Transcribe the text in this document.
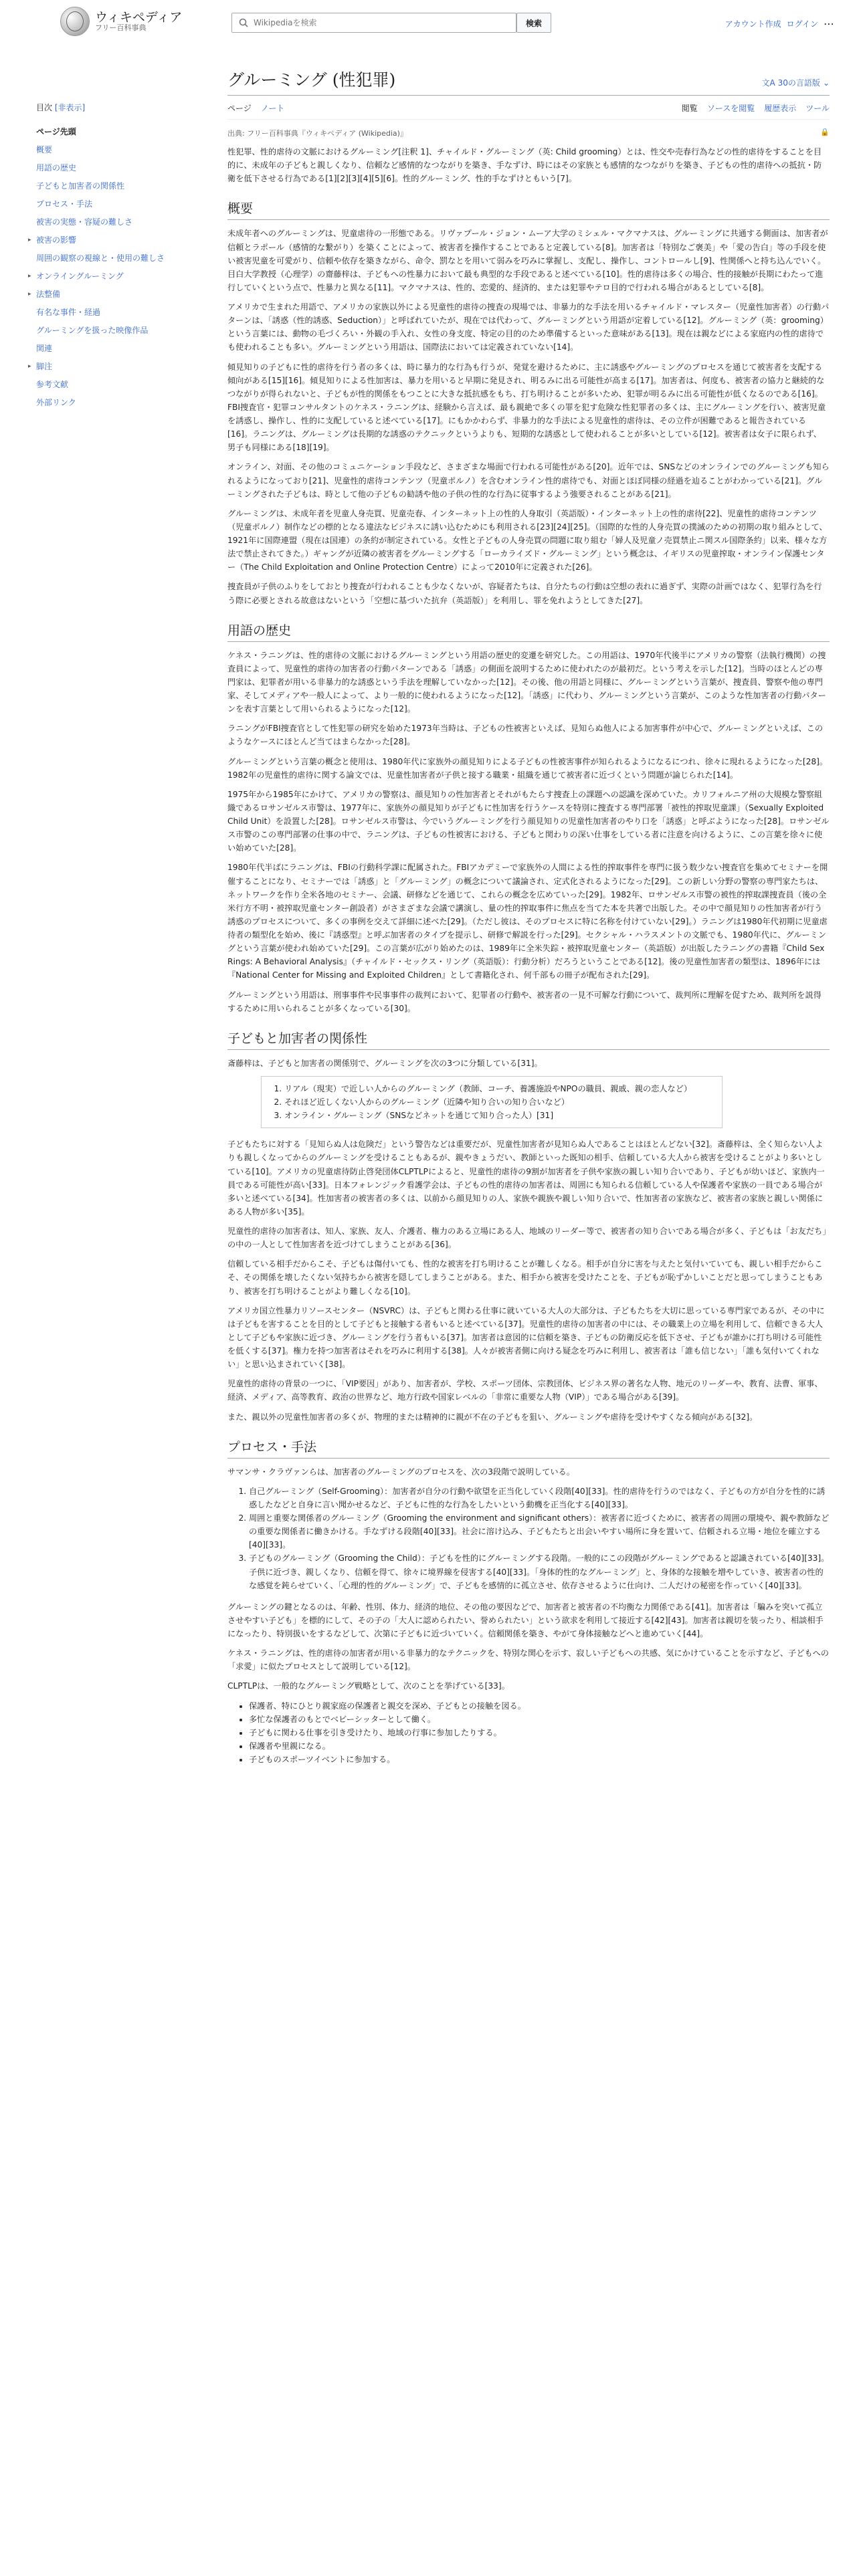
ウィキペディア
フリー百科事典
Wikipediaを検索
検索	アカウント作成 ログイン ⋯
目次 [非表示]
ページ先頭
概要
用語の歴史
子どもと加害者の関係性
プロセス・手法
被害の実態・容疑の難しさ
▸ 被害の影響
周囲の観察の視線と・使用の難しさ
▸ オンライングルーミング
▸ 法整備
有名な事件・経過
グルーミングを扱った映像作品
関連
▸ 脚注
参考文献
外部リンク
グルーミング (性犯罪)	文A 30の言語版 ⌄
ページ ノート	閲覧 ソースを閲覧 履歴表示 ツール
出典: フリー百科事典『ウィキペディア (Wikipedia)』	🔒

性犯罪、性的虐待の文脈におけるグルーミング[注釈 1]、チャイルド・グルーミング（英: Child grooming）とは、性交や売春行為などの性的虐待をすることを目的に、未成年の子どもと親しくなり、信頼など感情的なつながりを築き、手なずけ、時にはその家族とも感情的なつながりを築き、子どもの性的虐待への抵抗・防衛を低下させる行為である[1][2][3][4][5][6]。性的グルーミング、性的手なずけともいう[7]。

概要

未成年者へのグルーミングは、児童虐待の一形態である。リヴァプール・ジョン・ムーア大学のミシェル・マクマナスは、グルーミングに共通する側面は、加害者が信頼とラポール（感情的な繋がり）を築くことによって、被害者を操作することであると定義している[8]。加害者は「特別なご褒美」や「愛の告白」等の手段を使い被害児童を可愛がり、信頼や依存を築きながら、命令、罰なとを用いて弱みを巧みに掌握し、支配し、操作し、コントロールし[9]、性関係へと持ち込んでいく。目白大学教授（心理学）の齋藤梓は、子どもへの性暴力において最も典型的な手段であると述べている[10]。性的虐待は多くの場合、性的接触が長期にわたって進行していくという点で、性暴力と異なる[11]。マクマナスは、性的、恋愛的、経済的、または犯罪やテロ目的で行われる場合があるとしている[8]。

アメリカで生まれた用語で、アメリカの家族以外による児童性的虐待の捜査の現場では、非暴力的な手法を用いるチャイルド・マレスター（児童性加害者）の行動パターンは、「誘惑（性的誘惑、Seduction）」と呼ばれていたが、現在では代わって、グルーミングという用語が定着している[12]。グルーミング（英：grooming）という言葉には、動物の毛づくろい・外観の手入れ、女性の身支度、特定の目的のため準備するといった意味がある[13]。現在は親などによる家庭内の性的虐待でも使われることも多い。グルーミングという用語は、国際法においては定義されていない[14]。

傾見知りの子どもに性的虐待を行う者の多くは、時に暴力的な行為も行うが、発覚を避けるために、主に誘惑やグルーミングのプロセスを通じて被害者を支配する傾向がある[15][16]。傾見知りによる性加害は、暴力を用いると早期に発見され、明るみに出る可能性が高まる[17]。加害者は、何度も、被害者の協力と継続的なつながりが得られないと、子どもが性的関係をもつことに大きな抵抗感をもち、打ち明けることが多いため、犯罪が明るみに出る可能性が低くなるのである[16]。FBI捜査官・犯罪コンサルタントのケネス・ラニングは、経験から言えば、最も親絶で多くの罪を犯す危険な性犯罪者の多くは、主にグルーミングを行い、被害児童を誘惑し、操作し、性的に支配していると述べている[17]。にもかかわらず、非暴力的な手法による児童性的虐待は、その立件が困難であると報告されている[16]。ラニングは、グルーミングは長期的な誘惑のテクニックというよりも、短期的な誘惑として使われることが多いとしている[12]。被害者は女子に限られず、男子も同様にある[18][19]。

オンライン、対面、その他のコミュニケーション手段など、さまざまな場面で行われる可能性がある[20]。近年では、SNSなどのオンラインでのグルーミングも知られるようになっており[21]、児童性的虐待コンテンツ（児童ポルノ）を含むオンライン性的虐待でも、対面とほぼ同様の経過を辿ることがわかっている[21]。グルーミングされた子どもは、時として他の子どもの勧誘や他の子供の性的な行為に従事するよう強要されることがある[21]。

グルーミングは、未成年者を児童人身売買、児童売春、インターネット上の性的人身取引（英語版）・インターネット上の性的虐待[22]、児童性的虐待コンテンツ（児童ポルノ）制作などの標的となる違法なビジネスに誘い込むためにも利用される[23][24][25]。（国際的な性的人身売買の撲滅のための初期の取り組みとして、1921年に国際連盟（現在は国連）の条約が制定されている。女性と子どもの人身売買の問題に取り組む「婦人及児童ノ売買禁止ニ関スル国際条約」以来、様々な方法で禁止されてきた。）ギャングが近隣の被害者をグルーミングする「ローカライズド・グルーミング」という概念は、イギリスの児童搾取・オンライン保護センター（The Child Exploitation and Online Protection Centre）によって2010年に定義された[26]。

捜査員が子供のふりをしておとり捜査が行われることも少なくないが、容疑者たちは、自分たちの行動は空想の表れに過ぎず、実際の計画ではなく、犯罪行為を行う際に必要とされる故意はないという「空想に基づいた抗弁（英語版）」を利用し、罪を免れようとしてきた[27]。

用語の歴史

ケネス・ラニングは、性的虐待の文脈におけるグルーミングという用語の歴史的変遷を研究した。この用語は、1970年代後半にアメリカの警察（法執行機関）の捜査員によって、児童性的虐待の加害者の行動パターンである「誘惑」の側面を説明するために使われたのが最初だ。という考えを示した[12]。当時のほとんどの専門家は、犯罪者が用いる非暴力的な誘惑という手法を理解していなかった[12]。その後、他の用語と同様に、グルーミングという言葉が、捜査員、警察や他の専門家、そしてメディアや一般人によって、より一般的に使われるようになった[12]。「誘惑」に代わり、グルーミングという言葉が、このような性加害者の行動パターンを表す言葉として用いられるようになった[12]。

ラニングがFBI捜査官として性犯罪の研究を始めた1973年当時は、子どもの性被害といえば、見知らぬ他人による加害事件が中心で、グルーミングといえば、このようなケースにほとんど当てはまらなかった[28]。

グルーミングという言葉の概念と使用は、1980年代に家族外の顔見知りによる子どもの性被害事件が知られるようになるにつれ、徐々に現れるようになった[28]。1982年の児童性的虐待に関する論文では、児童性加害者が子供と接する職業・組織を通じて被害者に近づくという問題が論じられた[14]。

1975年から1985年にかけて、アメリカの警察は、顔見知りの性加害者とそれがもたらす捜査上の課題への認識を深めていた。カリフォルニア州の大規模な警察組織であるロサンゼルス市警は、1977年に、家族外の顔見知りが子どもに性加害を行うケースを特別に捜査する専門部署「被性的搾取児童課」（Sexually Exploited Child Unit）を設置した[28]。ロサンゼルス市警は、今でいうグルーミングを行う顔見知りの児童性加害者のやり口を「誘惑」と呼ぶようになった[28]。ロサンゼルス市警のこの専門部署の仕事の中で、ラニングは、子どもの性被害における、子どもと関わりの深い仕事をしている者に注意を向けるように、この言葉を徐々に使い始めていた[28]。

1980年代半ばにラニングは、FBIの行動科学課に配属された。FBIアカデミーで家族外の人間による性的搾取事件を専門に扱う数少ない捜査官を集めてセミナーを開催することになり、セミナーでは「誘惑」と「グルーミング」の概念について議論され、定式化されるようになった[29]。この新しい分野の警察の専門家たちは、ネットワークを作り全米各地のセミナー、会議、研修などを通じて、これらの概念を広めていった[29]。1982年、ロサンゼルス市警の被性的搾取課捜査員（後の全米行方不明・被搾取児童センター創設者）がさまざまな会議で講演し、量の性的搾取事件に焦点を当てた本を共著で出版した。その中で顔見知りの性加害者が行う誘惑のプロセスについて、多くの事例を交えて詳細に述べた[29]。（ただし彼は、そのプロセスに特に名称を付けていない[29]。）ラニングは1980年代初期に児童虐待者の類型化を始め、後に『誘惑型』と呼ぶ加害者のタイプを提示し、研修で解説を行った[29]。セクシャル・ハラスメントの文脈でも、1980年代に、グルーミングという言葉が使われ始めていた[29]。この言葉が広がり始めたのは、1989年に全米失踪・被搾取児童センター（英語版）が出版したラニングの書籍『Child Sex Rings: A Behavioral Analysis』（チャイルド・セックス・リング（英語版）：行動分析）だろうということである[12]。後の児童性加害者の類型は、1896年には『National Center for Missing and Exploited Children』として書籍化され、何千部もの冊子が配布された[29]。

グルーミングという用語は、刑事事件や民事事件の裁判において、犯罪者の行動や、被害者の一見不可解な行動について、裁判所に理解を促すため、裁判所を説得するために用いられることが多くなっている[30]。

子どもと加害者の関係性

斎藤梓は、子どもと加害者の関係別で、グルーミングを次の3つに分類している[31]。

1. リアル（現実）で近しい人からのグルーミング（教師、コーチ、養護施設やNPOの職員、親戚、親の恋人など）
2. それほど近しくない人からのグルーミング（近隣や知り合いの知り合いなど）
3. オンライン・グルーミング（SNSなどネットを通じて知り合った人）[31]

子どもたちに対する「見知らぬ人は危険だ」という警告などは重要だが、児童性加害者が見知らぬ人であることはほとんどない[32]。斎藤梓は、全く知らない人よりも親しくなってからのグルーミングを受けることもあるが、親やきょうだい、教師といった既知の相手、信頼している大人から被害を受けることがより多いとしている[10]。アメリカの児童虐待防止啓発団体CLPTLPによると、児童性的虐待の9割が加害者を子供や家族の親しい知り合いであり、子どもが幼いほど、家族内一員である可能性が高い[33]。日本フォレンジック看護学会は、子どもの性的虐待の加害者は、周囲にも知られる信頼している人や保護者や家族の一員である場合が多いと述べている[34]。性加害者の被害者の多くは、以前から顔見知りの人、家族や親族や親しい知り合いで、性加害者の家族など、被害者の家族と親しい関係にある人物が多い[35]。

児童性的虐待の加害者は、知人、家族、友人、介護者、権力のある立場にある人、地域のリーダー等で、被害者の知り合いである場合が多く、子どもは「お友だち」の中の一人として性加害者を近づけてしまうことがある[36]。

信頼している相手だからこそ、子どもは傷付いても、性的な被害を打ち明けることが難しくなる。相手が自分に害を与えたと気付いていても、親しい相手だからこそ、その関係を壊したくない気持ちから被害を隠してしまうことがある。また、相手から被害を受けたことを、子どもが恥ずかしいことだと思ってしまうこともあり、被害を打ち明けることがより難しくなる[10]。

アメリカ国立性暴力リソースセンター（NSVRC）は、子どもと関わる仕事に就いている大人の大部分は、子どもたちを大切に思っている専門家であるが、その中には子どもを害することを目的として子どもと接触する者もいると述べている[37]。児童性的虐待の加害者の中には、その職業上の立場を利用して、信頼できる大人として子どもや家族に近づき、グルーミングを行う者もいる[37]。加害者は意図的に信頼を築き、子どもの防衛反応を低下させ、子どもが誰かに打ち明ける可能性を低くする[37]。権力を持つ加害者はそれを巧みに利用する[38]。人々が被害者側に向ける疑念を巧みに利用し、被害者は「誰も信じない」「誰も気付いてくれない」と思い込まされていく[38]。

児童性的虐待の背景の一つに、「VIP要因」があり、加害者が、学校、スポーツ団体、宗教団体、ビジネス界の著名な人物、地元のリーダーや、教育、法曹、軍事、経済、メディア、高等教育、政治の世界など、地方行政や国家レベルの「非常に重要な人物（VIP）」である場合がある[39]。

また、親以外の児童性加害者の多くが、物理的または精神的に親が不在の子どもを狙い、グルーミングや虐待を受けやすくなる傾向がある[32]。

プロセス・手法

サマンサ・クラヴァンらは、加害者のグルーミングのプロセスを、次の3段階で説明している。

1. 自己グルーミング（Self-Grooming）：加害者が自分の行動や欲望を正当化していく段階[40][33]。性的虐待を行うのではなく、子どもの方が自分を性的に誘惑したなどと自身に言い聞かせるなど、子どもに性的な行為をしたいという動機を正当化する[40][33]。
2. 周囲と重要な関係者のグルーミング（Grooming the environment and significant others）：被害者に近づくために、被害者の周囲の環境や、親や教師などの重要な関係者に働きかける。手なずける段階[40][33]。社会に溶け込み、子どもたちと出会いやすい場所に身を置いて、信頼される立場・地位を確立する[40][33]。
3. 子どものグルーミング（Grooming the Child）：子どもを性的にグルーミングする段階。一般的にこの段階がグルーミングであると認識されている[40][33]。子供に近づき、親しくなり、信頼を得て、徐々に境界線を侵害する[40][33]。「身体的性的なグルーミング」と、身体的な接触を増やしていき、被害者の性的な感覚を鈍らせていく、「心理的性的グルーミング」で、子どもを感情的に孤立させ、依存させるように仕向け、二人だけの秘密を作っていく[40][33]。

グルーミングの鍵となるのは、年齢、性別、体力、経済的地位、その他の要因などで、加害者と被害者の不均衡な力関係である[41]。加害者は「騙みを突いて孤立させやすい子ども」を標的にして、その子の「大人に認められたい、誉められたい」という欲求を利用して接近する[42][43]。加害者は親切を装ったり、相談相手になったり、特別扱いをするなどして、次第に子どもに近づいていく。信頼関係を築き、やがて身体接触などへと進めていく[44]。

ケネス・ラニングは、性的虐待の加害者が用いる非暴力的なテクニックを、特別な関心を示す、寂しい子どもへの共感、気にかけていることを示すなど、子どもへの「求愛」に似たプロセスとして説明している[12]。

CLPTLPは、一般的なグルーミング戦略として、次のことを挙げている[33]。

• 保護者、特にひとり親家庭の保護者と親交を深め、子どもとの接触を図る。
• 多忙な保護者のもとでベビーシッターとして働く。
• 子どもに関わる仕事を引き受けたり、地域の行事に参加したりする。
• 保護者や里親になる。
• 子どものスポーツイベントに参加する。
